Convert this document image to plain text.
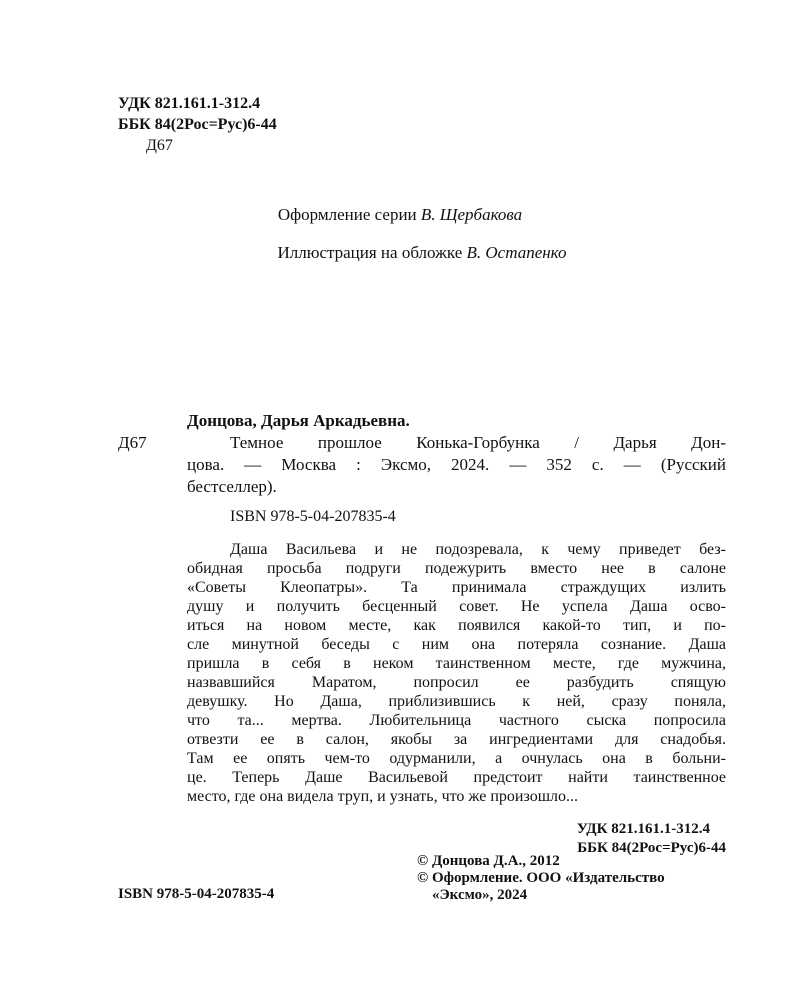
УДК 821.161.1-312.4
ББК 84(2Рос=Рус)6-44
Д67
Оформление серии В. Щербакова
Иллюстрация на обложке В. Остапенко
Донцова, Дарья Аркадьевна.
Д67	Темное прошлое Конька-Горбунка / Дарья Дон-
цова. — Москва : Эксмо, 2024. — 352 с. — (Русский
бестселлер).
ISBN 978-5-04-207835-4
Даша Васильева и не подозревала, к чему приведет без-
обидная просьба подруги подежурить вместо нее в салоне
«Советы Клеопатры». Та принимала страждущих излить
душу и получить бесценный совет. Не успела Даша осво-
иться на новом месте, как появился какой-то тип, и по-
сле минутной беседы с ним она потеряла сознание. Даша
пришла в себя в неком таинственном месте, где мужчина,
назвавшийся Маратом, попросил ее разбудить спящую
девушку. Но Даша, приблизившись к ней, сразу поняла,
что та... мертва. Любительница частного сыска попросила
отвезти ее в салон, якобы за ингредиентами для снадобья.
Там ее опять чем-то одурманили, а очнулась она в больни-
це. Теперь Даше Васильевой предстоит найти таинственное
место, где она видела труп, и узнать, что же произошло...
УДК 821.161.1-312.4
ББК 84(2Рос=Рус)6-44
ISBN 978-5-04-207835-4
© Донцова Д.А., 2012
© Оформление. ООО «Издательство
«Эксмо», 2024
